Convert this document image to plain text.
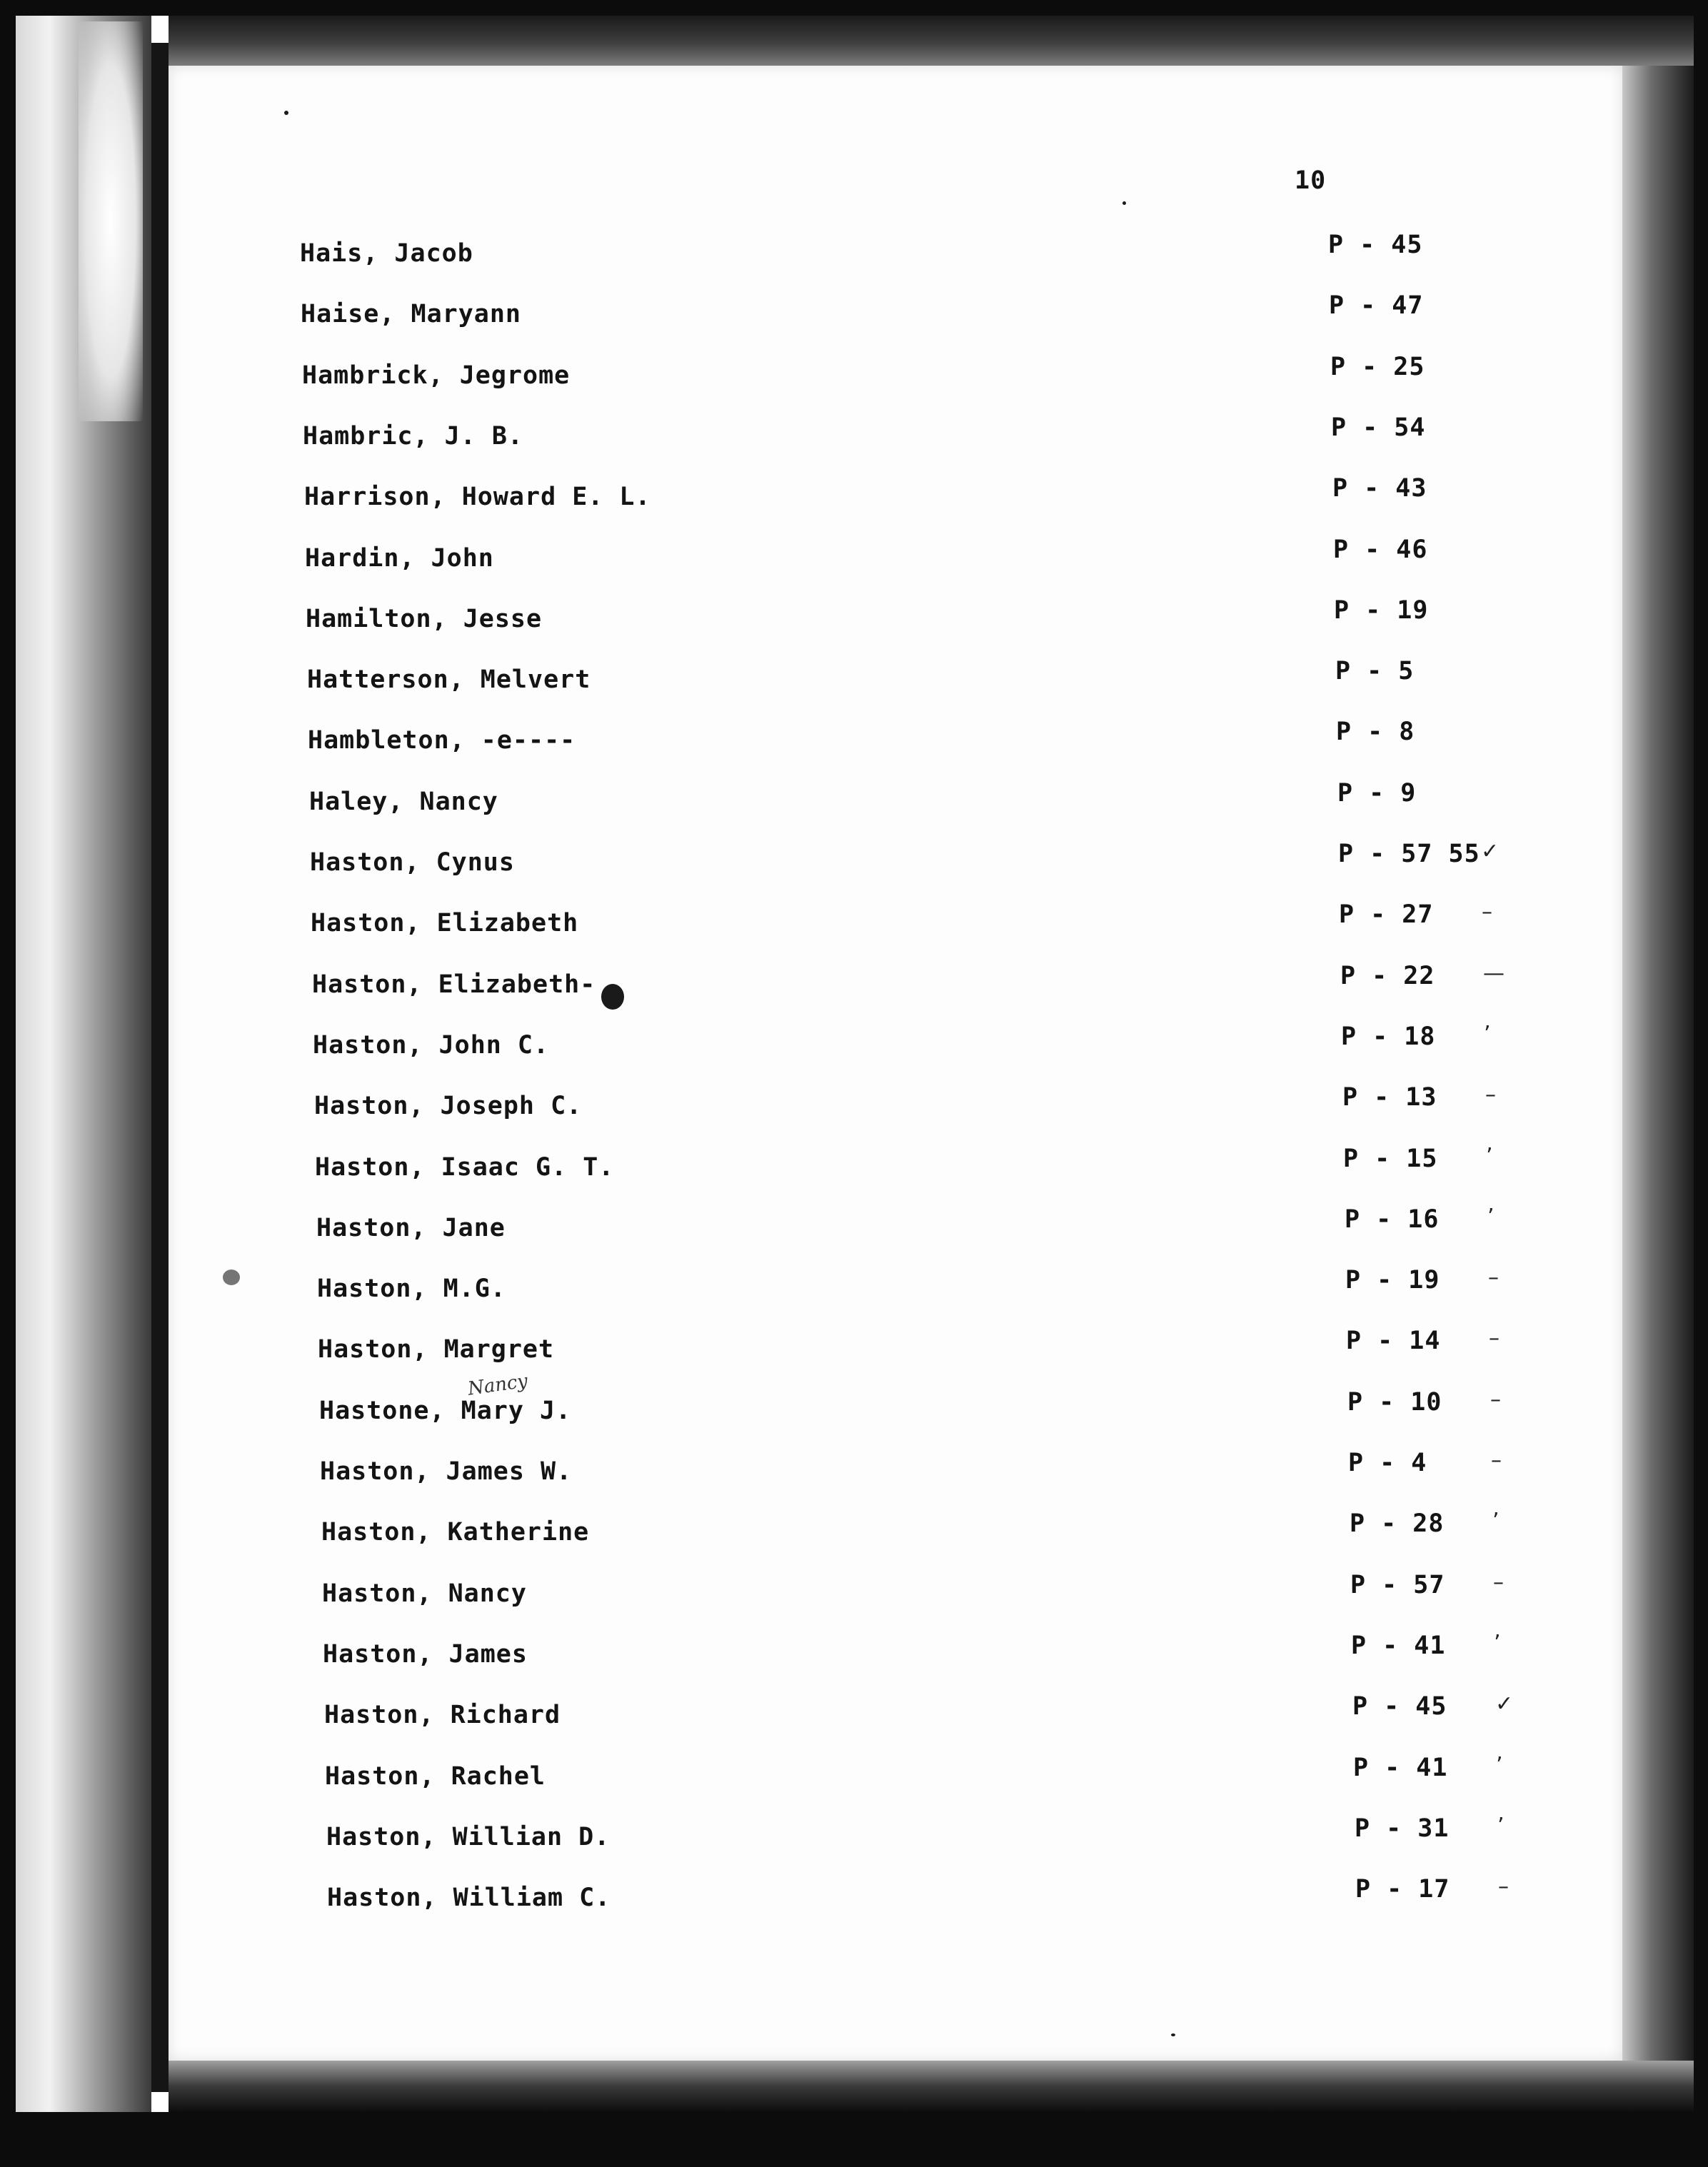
10
Hais, Jacob	P - 45
Haise, Maryann	P - 47
Hambrick, Jegrome	P - 25
Hambric, J. B.	P - 54
Harrison, Howard E. L.	P - 43
Hardin, John	P - 46
Hamilton, Jesse	P - 19
Hatterson, Melvert	P - 5
Hambleton, -e----	P - 8
Haley, Nancy	P - 9
Haston, Cynus	P - 57 55 ✓
Haston, Elizabeth	P - 27	–
Haston, Elizabeth-	P - 22	—
Haston, John C.	P - 18	’
Haston, Joseph C.	P - 13	–
Haston, Isaac G. T.	P - 15	’
Haston, Jane	P - 16	’
Haston, M.G.	P - 19	–
Haston, Margret	P - 14	–
Hastone, Mary J.	P - 10	–
Haston, James W.	P - 4	–
Haston, Katherine	P - 28	’
Haston, Nancy	P - 57	–
Haston, James	P - 41	’
Haston, Richard	P - 45	✓
Haston, Rachel	P - 41	’
Haston, Willian D.	P - 31	’
Haston, William C.	P - 17	–
Nancy
